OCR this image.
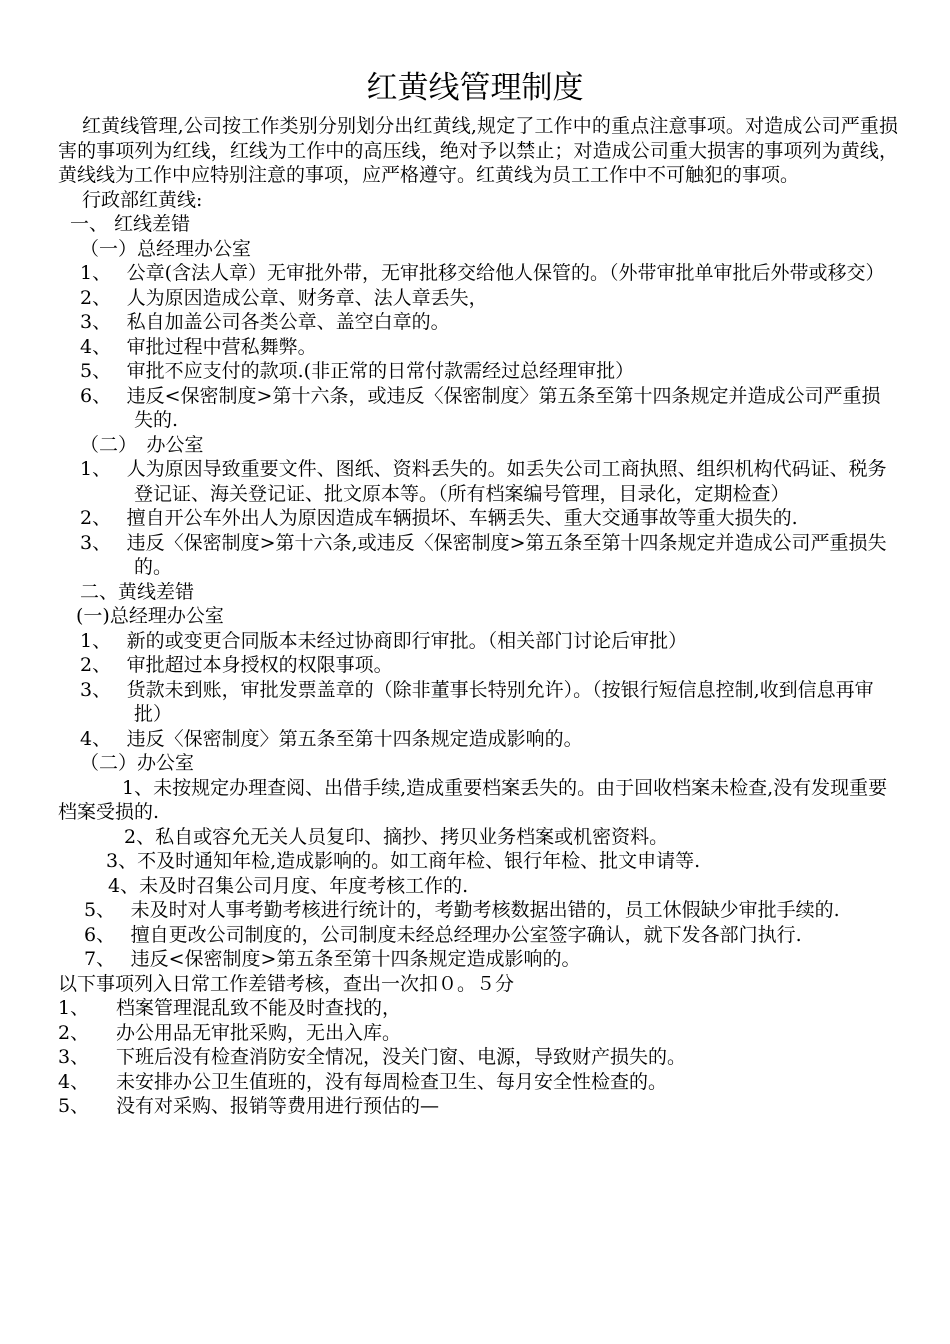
红黄线管理制度

红黄线管理,公司按工作类别分别划分出红黄线,规定了工作中的重点注意事项。对造成公司严重损害的事项列为红线，红线为工作中的高压线，绝对予以禁止；对造成公司重大损害的事项列为黄线，黄线线为工作中应特别注意的事项，应严格遵守。红黄线为员工工作中不可触犯的事项。

行政部红黄线:

一、 红线差错

（一）总经理办公室

1、　 公章(含法人章）无审批外带，无审批移交给他人保管的。（外带审批单审批后外带或移交）

2、　 人为原因造成公章、财务章、法人章丢失，

3、　 私自加盖公司各类公章、盖空白章的。

4、　 审批过程中营私舞弊。

5、　 审批不应支付的款项.(非正常的日常付款需经过总经理审批）

6、　 违反<保密制度>第十六条，或违反〈保密制度〉第五条至第十四条规定并造成公司严重损失的.

（二）　办公室

1、　 人为原因导致重要文件、图纸、资料丢失的。如丢失公司工商执照、组织机构代码证、税务登记证、海关登记证、批文原本等。（所有档案编号管理，目录化，定期检查）

2、　 擅自开公车外出人为原因造成车辆损坏、车辆丢失、重大交通事故等重大损失的.

3、　 违反〈保密制度>第十六条,或违反〈保密制度>第五条至第十四条规定并造成公司严重损失的。

二、黄线差错

(一)总经理办公室

1、　 新的或变更合同版本未经过协商即行审批。（相关部门讨论后审批）

2、　 审批超过本身授权的权限事项。

3、　 货款未到账，审批发票盖章的（除非董事长特别允许）。（按银行短信息控制,收到信息再审批）

4、　 违反〈保密制度〉第五条至第十四条规定造成影响的。

（二）办公室

1、未按规定办理查阅、出借手续,造成重要档案丢失的。由于回收档案未检查,没有发现重要档案受损的.

2、私自或容允无关人员复印、摘抄、拷贝业务档案或机密资料。

3、不及时通知年检,造成影响的。如工商年检、银行年检、批文申请等.

4、未及时召集公司月度、年度考核工作的.

5、　 未及时对人事考勤考核进行统计的，考勤考核数据出错的，员工休假缺少审批手续的.

6、　 擅自更改公司制度的，公司制度未经总经理办公室签字确认，就下发各部门执行.

7、　 违反<保密制度>第五条至第十四条规定造成影响的。

以下事项列入日常工作差错考核，查出一次扣０。５分

1、	档案管理混乱致不能及时查找的，
2、	办公用品无审批采购，无出入库。
3、	下班后没有检查消防安全情况，没关门窗、电源，导致财产损失的。
4、	未安排办公卫生值班的，没有每周检查卫生、每月安全性检查的。
5、	没有对采购、报销等费用进行预估的—
